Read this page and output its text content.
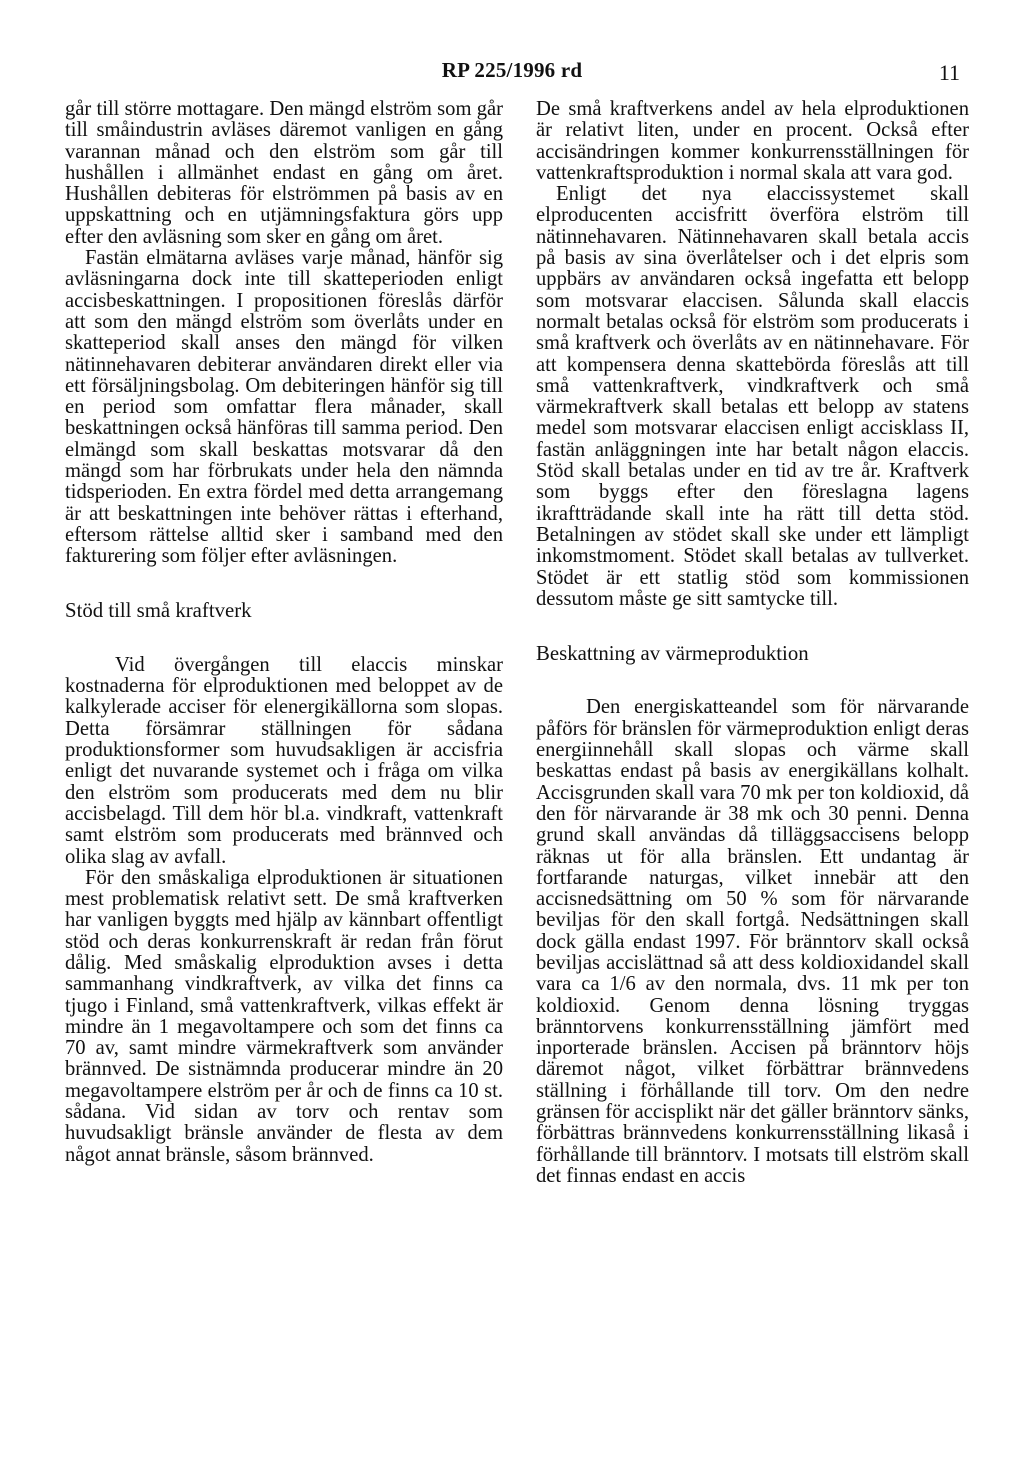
RP 225/1996 rd	11

går till större mottagare. Den mängd elström som går till småindustrin avläses däremot vanligen en gång varannan månad och den elström som går till hushållen i allmänhet endast en gång om året. Hushållen debiteras för elströmmen på basis av en uppskattning och en utjämningsfaktura görs upp efter den avläsning som sker en gång om året.

Fastän elmätarna avläses varje månad, hänför sig avläsningarna dock inte till skatteperioden enligt accisbeskattningen. I propositionen föreslås därför att som den mängd elström som överlåts under en skatteperiod skall anses den mängd för vilken nätinnehavaren debiterar användaren direkt eller via ett försäljningsbolag. Om debiteringen hänför sig till en period som omfattar flera månader, skall beskattningen också hänföras till samma period. Den elmängd som skall beskattas motsvarar då den mängd som har förbrukats under hela den nämnda tidsperioden. En extra fördel med detta arrangemang är att beskattningen inte behöver rättas i efterhand, eftersom rättelse alltid sker i samband med den fakturering som följer efter avläsningen.

Stöd till små kraftverk

Vid övergången till elaccis minskar kostnaderna för elproduktionen med beloppet av de kalkylerade acciser för elenergikällorna som slopas. Detta försämrar ställningen för sådana produktionsformer som huvudsakligen är accisfria enligt det nuvarande systemet och i fråga om vilka den elström som producerats med dem nu blir accisbelagd. Till dem hör bl.a. vindkraft, vattenkraft samt elström som producerats med brännved och olika slag av avfall.

För den småskaliga elproduktionen är situationen mest problematisk relativt sett. De små kraftverken har vanligen byggts med hjälp av kännbart offentligt stöd och deras konkurrenskraft är redan från förut dålig. Med småskalig elproduktion avses i detta sammanhang vindkraftverk, av vilka det finns ca tjugo i Finland, små vattenkraftverk, vilkas effekt är mindre än 1 megavoltampere och som det finns ca 70 av, samt mindre värmekraftverk som använder brännved. De sistnämnda producerar mindre än 20 megavoltampere elström per år och de finns ca 10 st. sådana. Vid sidan av torv och rentav som huvudsakligt bränsle använder de flesta av dem något annat bränsle, såsom brännved.

De små kraftverkens andel av hela elproduktionen är relativt liten, under en procent. Också efter accisändringen kommer konkurrensställningen för vattenkraftsproduktion i normal skala att vara god.

Enligt det nya elaccissystemet skall elproducenten accisfritt överföra elström till nätinnehavaren. Nätinnehavaren skall betala accis på basis av sina överlåtelser och i det elpris som uppbärs av användaren också ingefatta ett belopp som motsvarar elaccisen. Sålunda skall elaccis normalt betalas också för elström som producerats i små kraftverk och överlåts av en nätinnehavare. För att kompensera denna skattebörda föreslås att till små vattenkraftverk, vindkraftverk och små värmekraftverk skall betalas ett belopp av statens medel som motsvarar elaccisen enligt accisklass II, fastän anläggningen inte har betalt någon elaccis. Stöd skall betalas under en tid av tre år. Kraftverk som byggs efter den föreslagna lagens ikraftträdande skall inte ha rätt till detta stöd. Betalningen av stödet skall ske under ett lämpligt inkomstmoment. Stödet skall betalas av tullverket. Stödet är ett statlig stöd som kommissionen dessutom måste ge sitt samtycke till.

Beskattning av värmeproduktion

Den energiskatteandel som för närvarande påförs för bränslen för värmeproduktion enligt deras energiinnehåll skall slopas och värme skall beskattas endast på basis av energikällans kolhalt. Accisgrunden skall vara 70 mk per ton koldioxid, då den för närvarande är 38 mk och 30 penni. Denna grund skall användas då tilläggsaccisens belopp räknas ut för alla bränslen. Ett undantag är fortfarande naturgas, vilket innebär att den accisnedsättning om 50 % som för närvarande beviljas för den skall fortgå. Nedsättningen skall dock gälla endast 1997. För bränntorv skall också beviljas accislättnad så att dess koldioxidandel skall vara ca 1/6 av den normala, dvs. 11 mk per ton koldioxid. Genom denna lösning tryggas bränntorvens konkurrensställning jämfört med inporterade bränslen. Accisen på bränntorv höjs däremot något, vilket förbättrar brännvedens ställning i förhållande till torv. Om den nedre gränsen för accisplikt när det gäller bränntorv sänks, förbättras brännvedens konkurrensställning likaså i förhållande till bränntorv. I motsats till elström skall det finnas endast en accis
